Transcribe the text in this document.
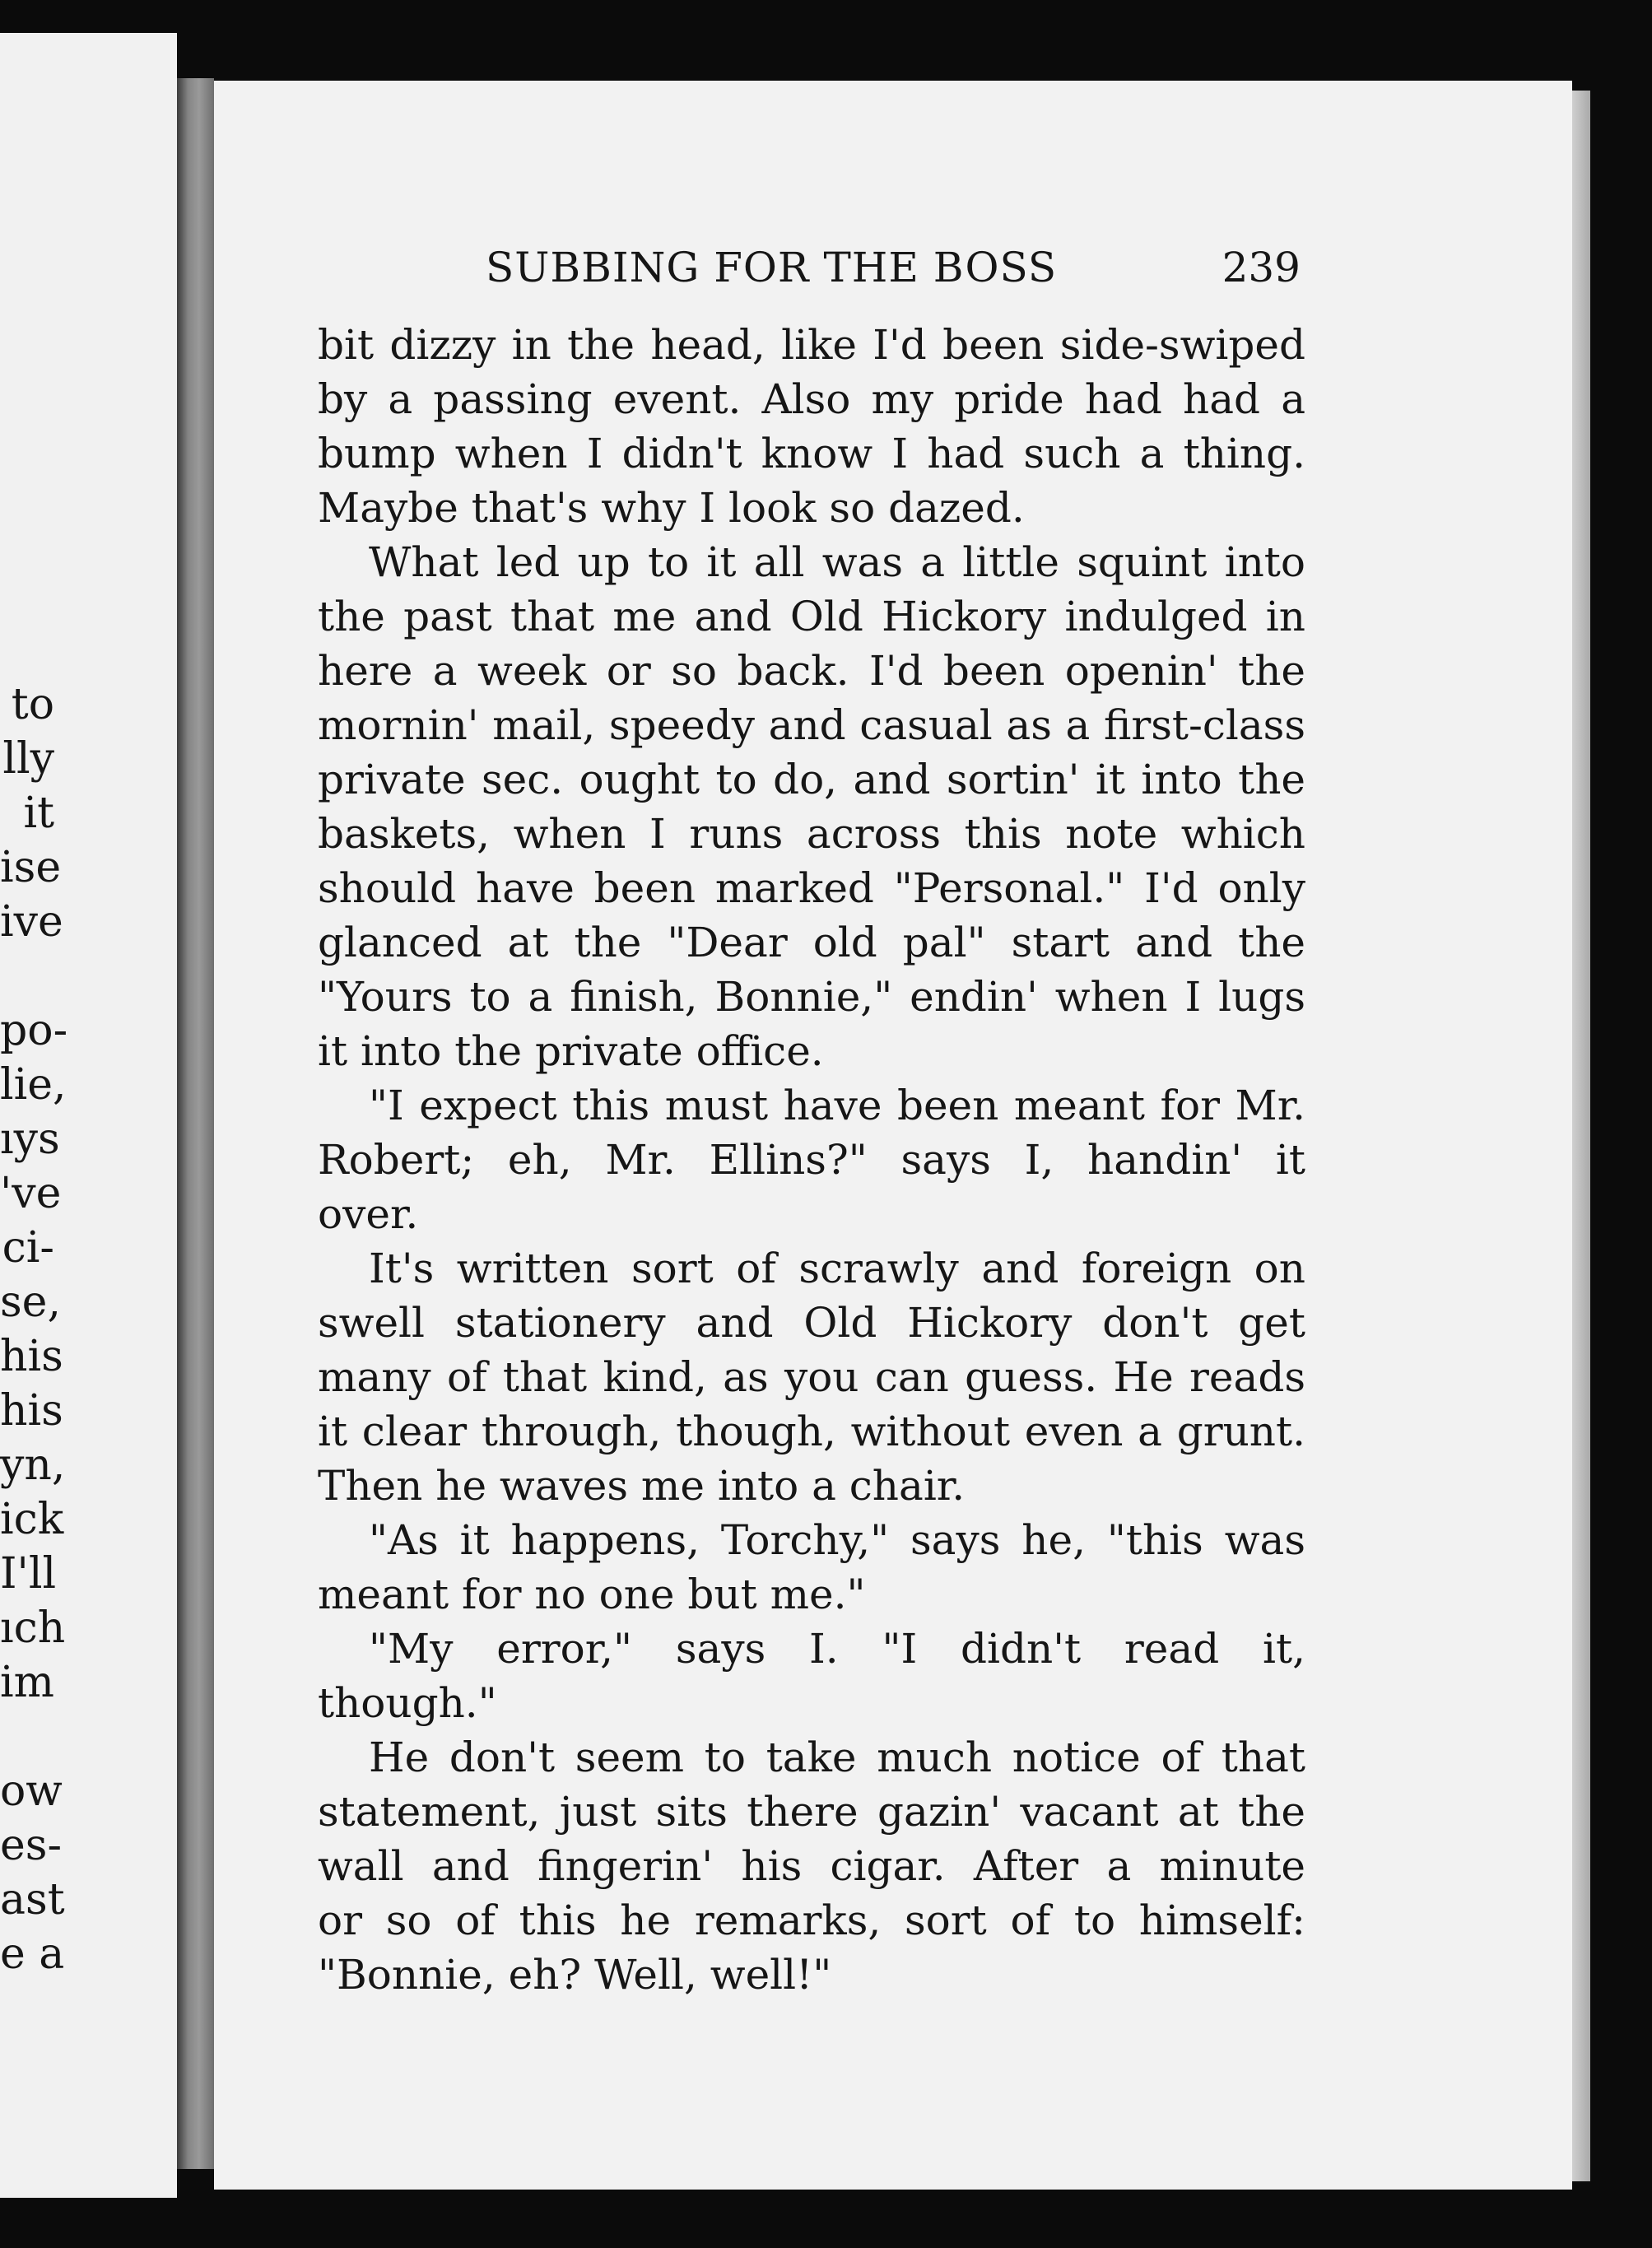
to
lly
it
ise
ive
po-
lie,
ıys
've
ci-
se,
his
his
yn,
ick
I'll
ıch
im
ow
es-
ast
e a
SUBBING FOR THE BOSS	239
bit dizzy in the head, like I'd been side-swiped
by a passing event. Also my pride had had a
bump when I didn't know I had such a thing.
Maybe that's why I look so dazed.
What led up to it all was a little squint into
the past that me and Old Hickory indulged in
here a week or so back. I'd been openin' the
mornin' mail, speedy and casual as a first-class
private sec. ought to do, and sortin' it into the
baskets, when I runs across this note which
should have been marked "Personal." I'd only
glanced at the "Dear old pal" start and the
"Yours to a finish, Bonnie," endin' when I lugs
it into the private office.
"I expect this must have been meant for Mr.
Robert; eh, Mr. Ellins?" says I, handin' it
over.
It's written sort of scrawly and foreign on
swell stationery and Old Hickory don't get
many of that kind, as you can guess. He reads
it clear through, though, without even a grunt.
Then he waves me into a chair.
"As it happens, Torchy," says he, "this was
meant for no one but me."
"My error," says I. "I didn't read it,
though."
He don't seem to take much notice of that
statement, just sits there gazin' vacant at the
wall and fingerin' his cigar. After a minute
or so of this he remarks, sort of to himself:
"Bonnie, eh? Well, well!"
